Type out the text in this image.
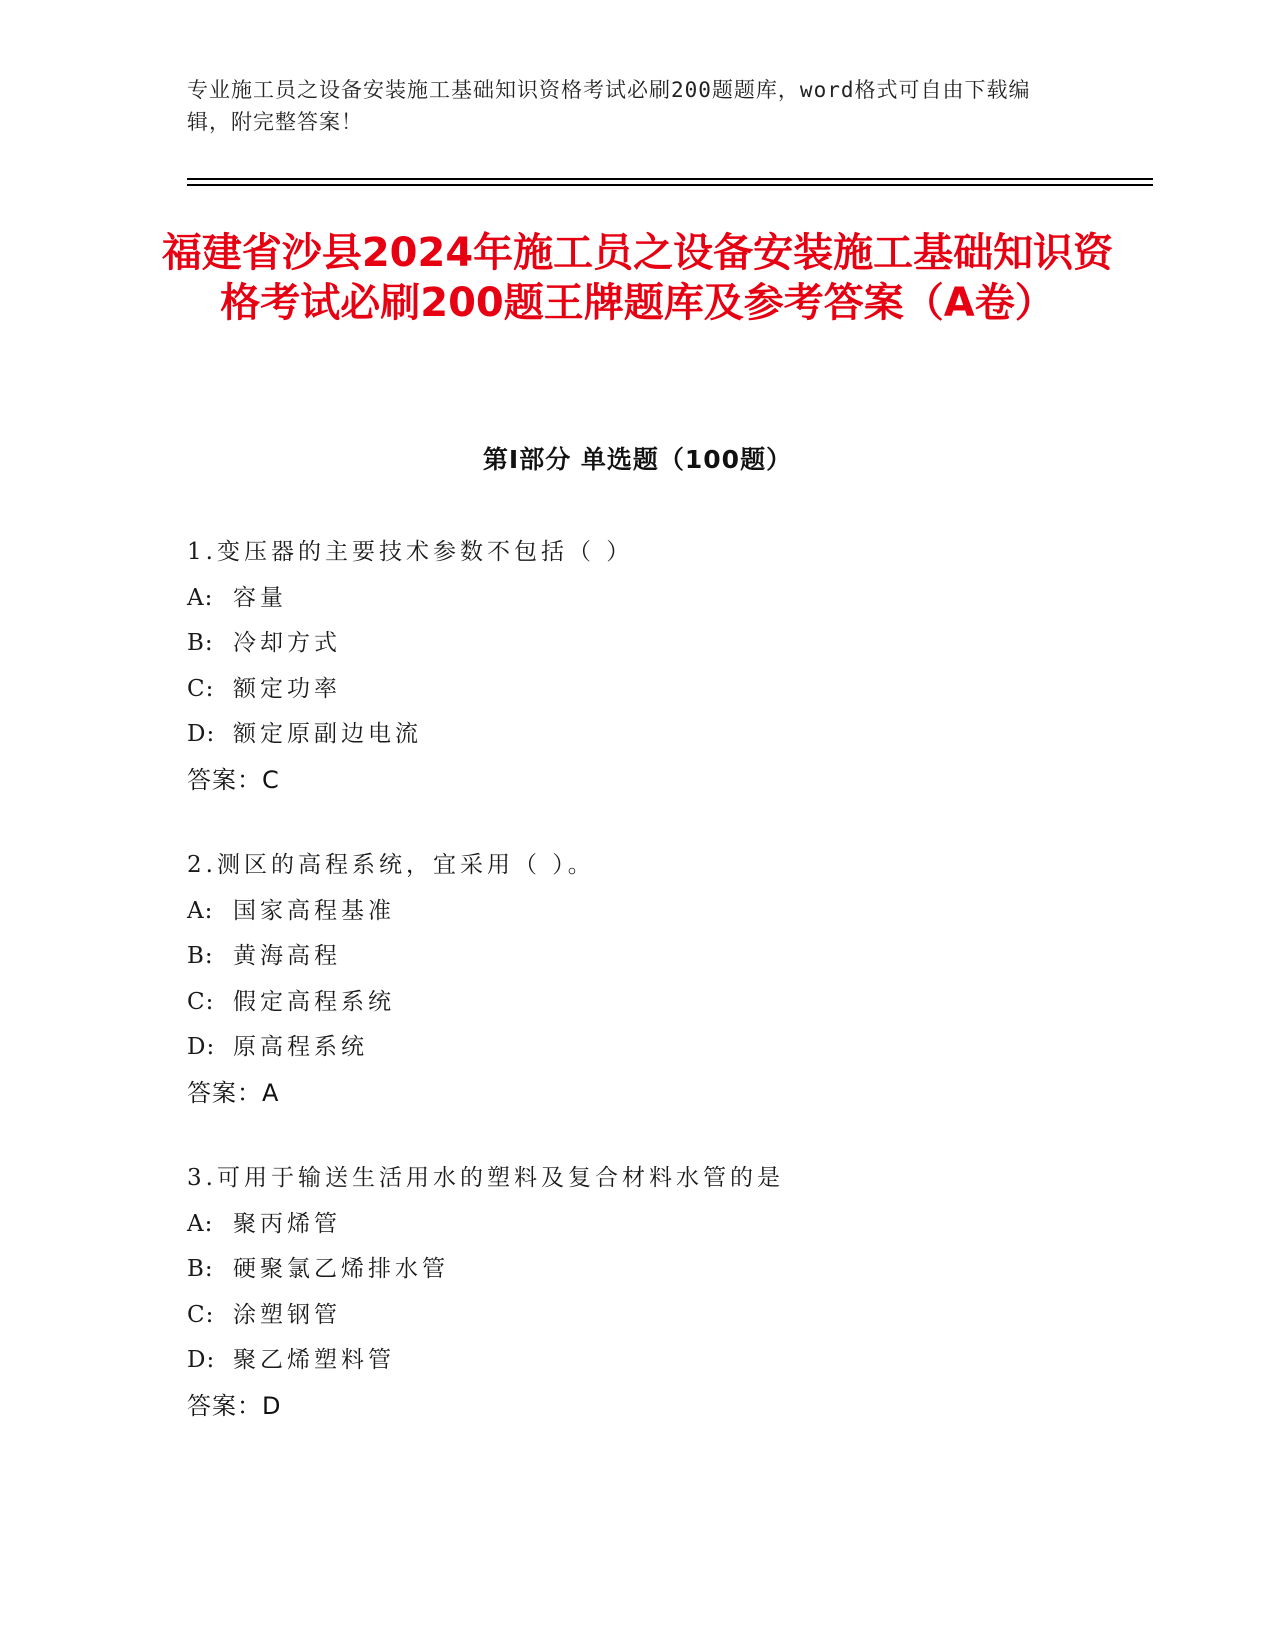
专业施工员之设备安装施工基础知识资格考试必刷200题题库，word格式可自由下载编辑，附完整答案！
福建省沙县2024年施工员之设备安装施工基础知识资格考试必刷200题王牌题库及参考答案（A卷）
第Ⅰ部分 单选题（100题）
1.变压器的主要技术参数不包括（ ）
A: 容量
B: 冷却方式
C: 额定功率
D: 额定原副边电流
答案：C
2.测区的高程系统，宜采用（ ）。
A: 国家高程基准
B: 黄海高程
C: 假定高程系统
D: 原高程系统
答案：A
3.可用于输送生活用水的塑料及复合材料水管的是
A: 聚丙烯管
B: 硬聚氯乙烯排水管
C: 涂塑钢管
D: 聚乙烯塑料管
答案：D
